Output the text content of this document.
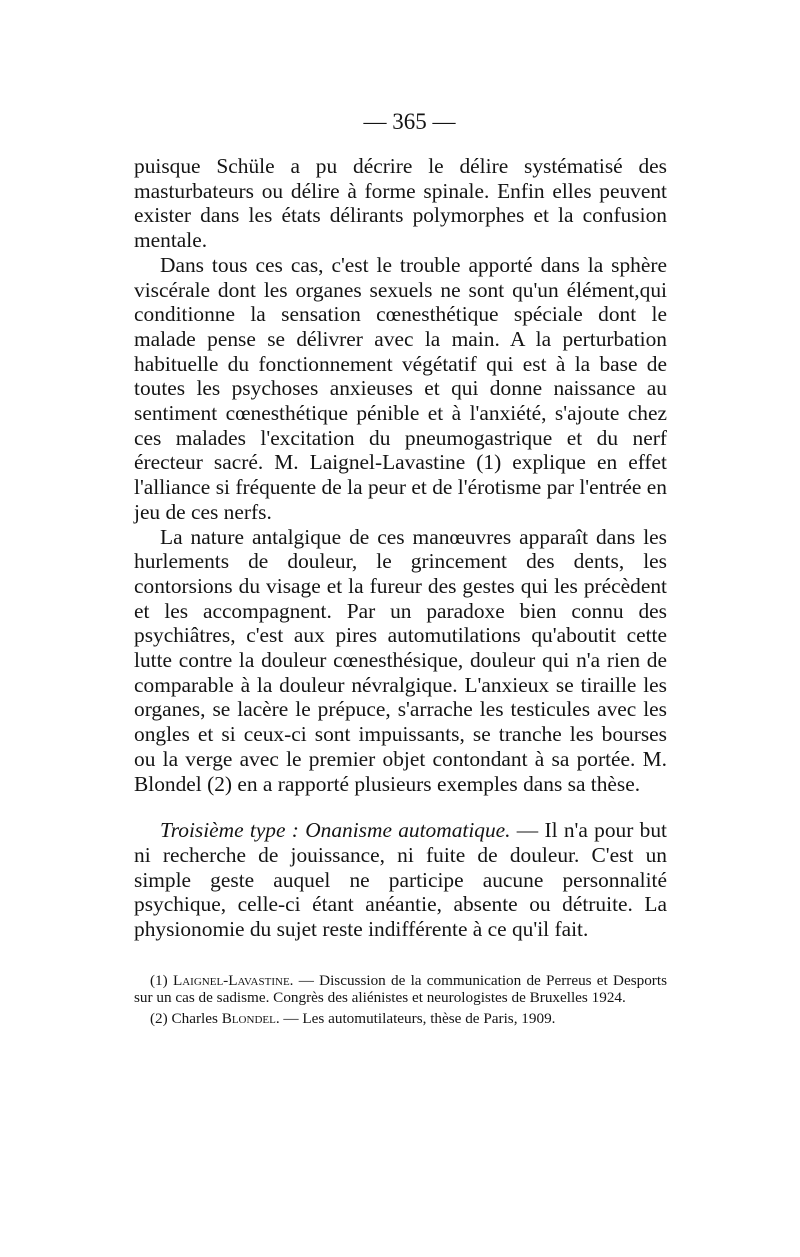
— 365 —

puisque Schüle a pu décrire le délire systématisé des masturbateurs ou délire à forme spinale. Enfin elles peuvent exister dans les états délirants polymorphes et la confusion mentale.

Dans tous ces cas, c'est le trouble apporté dans la sphère viscérale dont les organes sexuels ne sont qu'un élément,qui conditionne la sensation cœnesthétique spéciale dont le malade pense se délivrer avec la main. A la perturbation habituelle du fonctionnement végétatif qui est à la base de toutes les psychoses anxieuses et qui donne naissance au sentiment cœnesthétique pénible et à l'anxiété, s'ajoute chez ces malades l'excitation du pneumogastrique et du nerf érecteur sacré. M. Laignel-Lavastine (1) explique en effet l'alliance si fréquente de la peur et de l'érotisme par l'entrée en jeu de ces nerfs.

La nature antalgique de ces manœuvres apparaît dans les hurlements de douleur, le grincement des dents, les contorsions du visage et la fureur des gestes qui les précèdent et les accompagnent. Par un paradoxe bien connu des psychiâtres, c'est aux pires automutilations qu'aboutit cette lutte contre la douleur cœnesthésique, douleur qui n'a rien de comparable à la douleur névralgique. L'anxieux se tiraille les organes, se lacère le prépuce, s'arrache les testicules avec les ongles et si ceux-ci sont impuissants, se tranche les bourses ou la verge avec le premier objet contondant à sa portée. M. Blondel (2) en a rapporté plusieurs exemples dans sa thèse.

Troisième type : Onanisme automatique. — Il n'a pour but ni recherche de jouissance, ni fuite de douleur. C'est un simple geste auquel ne participe aucune personnalité psychique, celle-ci étant anéantie, absente ou détruite. La physionomie du sujet reste indifférente à ce qu'il fait.

(1) Laignel-Lavastine. — Discussion de la communication de Perreus et Desports sur un cas de sadisme. Congrès des aliénistes et neurologistes de Bruxelles 1924.

(2) Charles Blondel. — Les automutilateurs, thèse de Paris, 1909.
